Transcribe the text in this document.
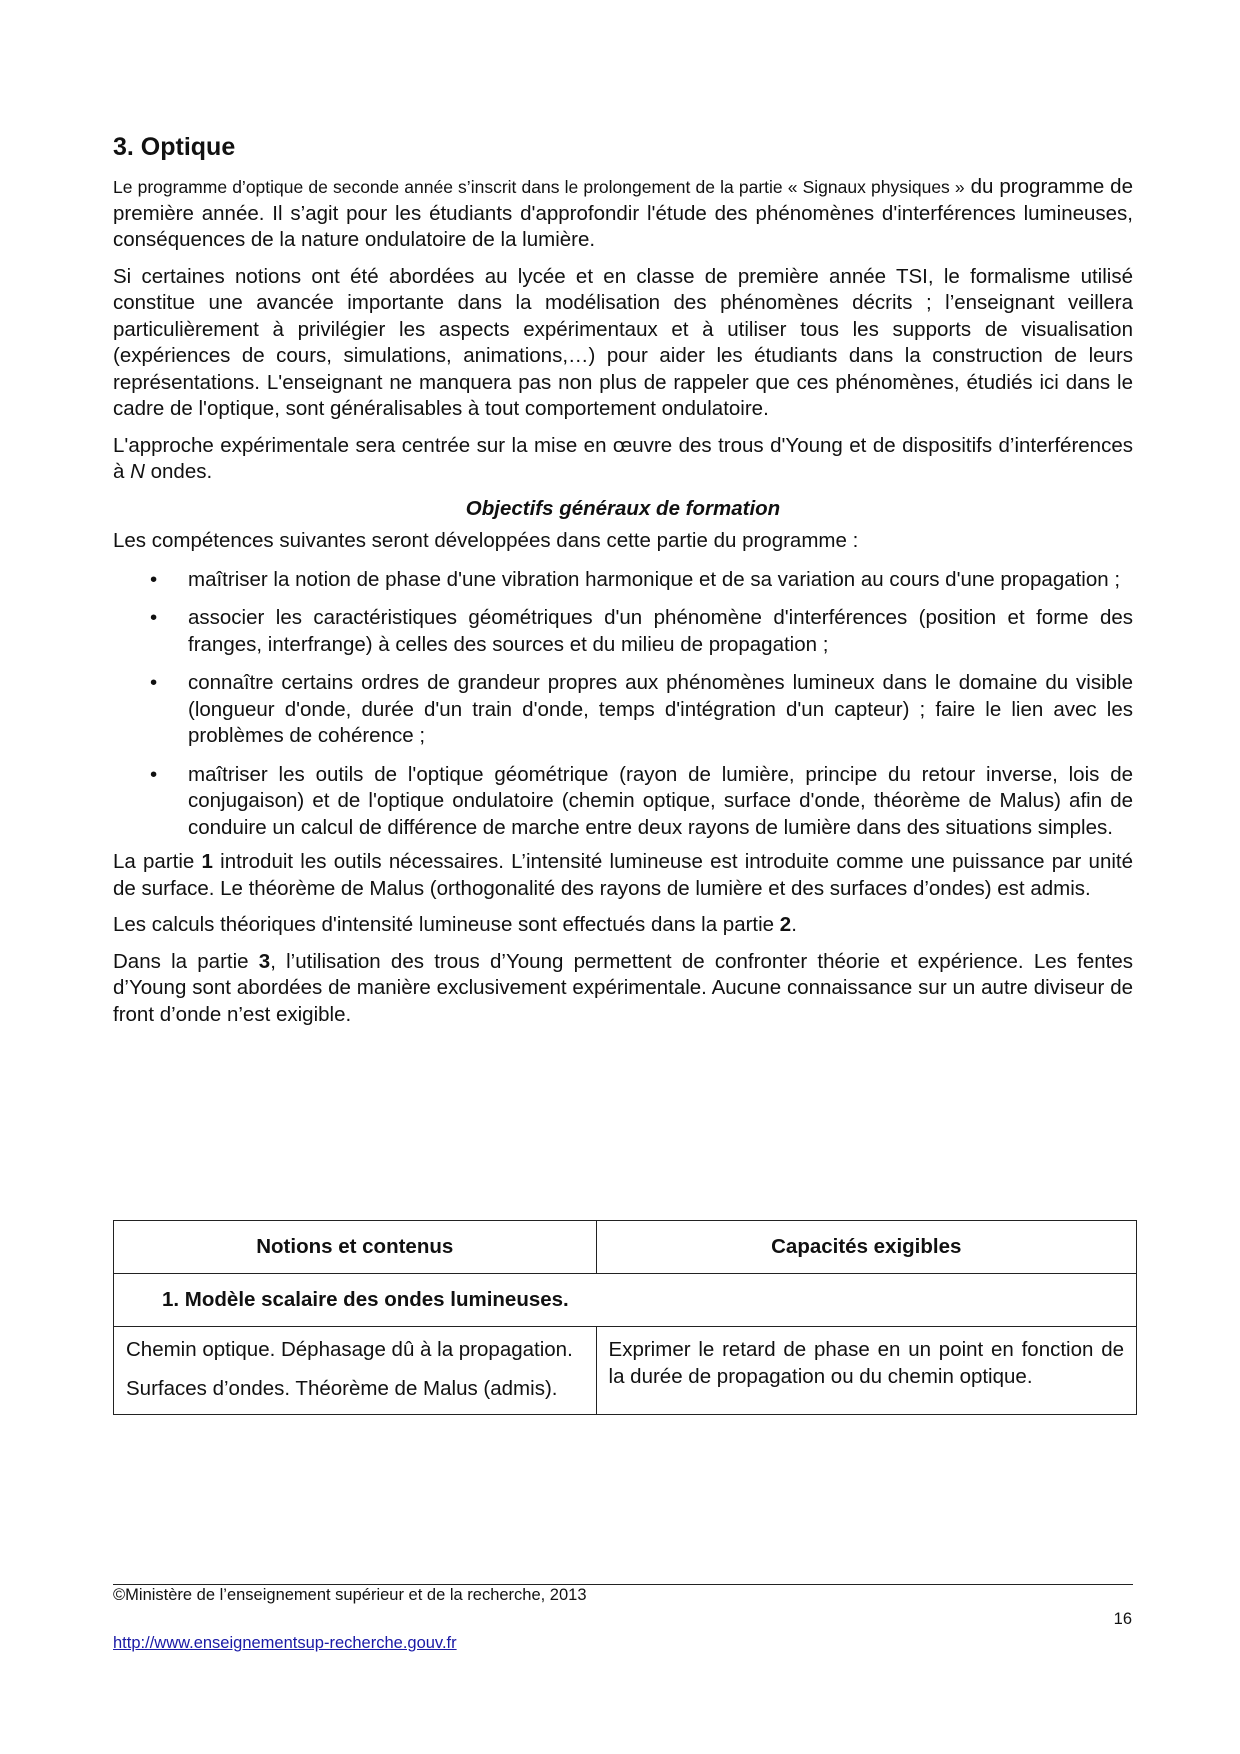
3. Optique

Le programme d’optique de seconde année s’inscrit dans le prolongement de la partie « Signaux physiques » du programme de première année. Il s’agit pour les étudiants d'approfondir l'étude des phénomènes d'interférences lumineuses, conséquences de la nature ondulatoire de la lumière.

Si certaines notions ont été abordées au lycée et en classe de première année TSI, le formalisme utilisé constitue une avancée importante dans la modélisation des phénomènes décrits ; l’enseignant veillera particulièrement à privilégier les aspects expérimentaux et à utiliser tous les supports de visualisation (expériences de cours, simulations, animations,…) pour aider les étudiants dans la construction de leurs représentations. L'enseignant ne manquera pas non plus de rappeler que ces phénomènes, étudiés ici dans le cadre de l'optique, sont généralisables à tout comportement ondulatoire.

L'approche expérimentale sera centrée sur la mise en œuvre des trous d'Young et de dispositifs d’interférences à N ondes.

Objectifs généraux de formation

Les compétences suivantes seront développées dans cette partie du programme :

• maîtriser la notion de phase d'une vibration harmonique et de sa variation au cours d'une propagation ;
• associer les caractéristiques géométriques d'un phénomène d'interférences (position et forme des franges, interfrange) à celles des sources et du milieu de propagation ;
• connaître certains ordres de grandeur propres aux phénomènes lumineux dans le domaine du visible (longueur d'onde, durée d'un train d'onde, temps d'intégration d'un capteur) ; faire le lien avec les problèmes de cohérence ;
• maîtriser les outils de l'optique géométrique (rayon de lumière, principe du retour inverse, lois de conjugaison) et de l'optique ondulatoire (chemin optique, surface d'onde, théorème de Malus) afin de conduire un calcul de différence de marche entre deux rayons de lumière dans des situations simples.

La partie 1 introduit les outils nécessaires. L’intensité lumineuse est introduite comme une puissance par unité de surface. Le théorème de Malus (orthogonalité des rayons de lumière et des surfaces d’ondes) est admis.

Les calculs théoriques d'intensité lumineuse sont effectués dans la partie 2.

Dans la partie 3, l’utilisation des trous d’Young permettent de confronter théorie et expérience. Les fentes d’Young sont abordées de manière exclusivement expérimentale. Aucune connaissance sur un autre diviseur de front d’onde n’est exigible.

Notions et contenus	Capacités exigibles
1. Modèle scalaire des ondes lumineuses.	

Chemin optique. Déphasage dû à la propagation.

Surfaces d’ondes. Théorème de Malus (admis).	Exprimer le retard de phase en un point en fonction de la durée de propagation ou du chemin optique.

©Ministère de l’enseignement supérieur et de la recherche, 2013
16
http://www.enseignementsup-recherche.gouv.fr
